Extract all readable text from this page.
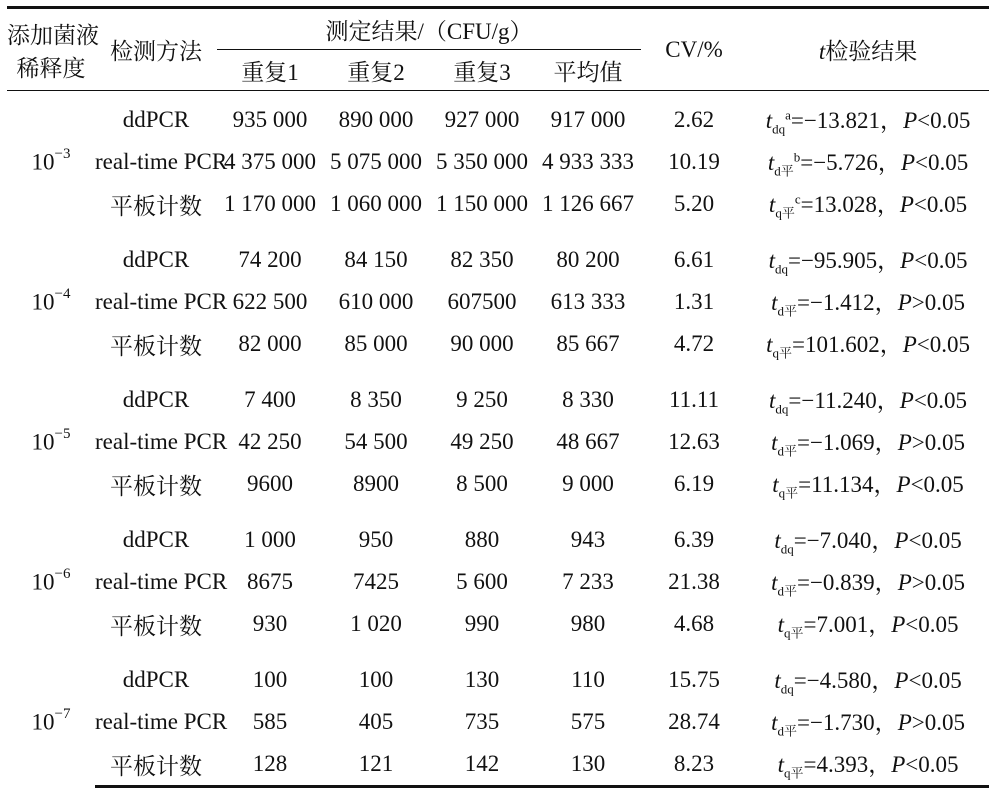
添加菌液
稀释度	检测方法	测定结果/（CFU/g）				CV/%	t检验结果
		重复1	重复2	重复3	平均值		
$10^{-3}$	ddPCR	935 000	890 000	927 000	917 000	2.62	$t_{dq}^a=-13.821$，P<0.05
	real-time PCR	4 375 000	5 075 000	5 350 000	4 933 333	10.19	$t_{d平}^b=-5.726$，P<0.05
	平板计数	1 170 000	1 060 000	1 150 000	1 126 667	5.20	$t_{q平}^c=13.028$，P<0.05

$10^{-4}$	ddPCR	74 200	84 150	82 350	80 200	6.61	$t_{dq}=-95.905$，P<0.05
	real-time PCR	622 500	610 000	607500	613 333	1.31	$t_{d平}=-1.412$，P>0.05
	平板计数	82 000	85 000	90 000	85 667	4.72	$t_{q平}=101.602$，P<0.05

$10^{-5}$	ddPCR	7 400	8 350	9 250	8 330	11.11	$t_{dq}=-11.240$，P<0.05
	real-time PCR	42 250	54 500	49 250	48 667	12.63	$t_{d平}=-1.069$，P>0.05
	平板计数	9600	8900	8 500	9 000	6.19	$t_{q平}=11.134$，P<0.05

$10^{-6}$	ddPCR	1 000	950	880	943	6.39	$t_{dq}=-7.040$，P<0.05
	real-time PCR	8675	7425	5 600	7 233	21.38	$t_{d平}=-0.839$，P>0.05
	平板计数	930	1 020	990	980	4.68	$t_{q平}=7.001$，P<0.05

$10^{-7}$	ddPCR	100	100	130	110	15.75	$t_{dq}=-4.580$，P<0.05
	real-time PCR	585	405	735	575	28.74	$t_{d平}=-1.730$，P>0.05
	平板计数	128	121	142	130	8.23	$t_{q平}=4.393$，P<0.05
